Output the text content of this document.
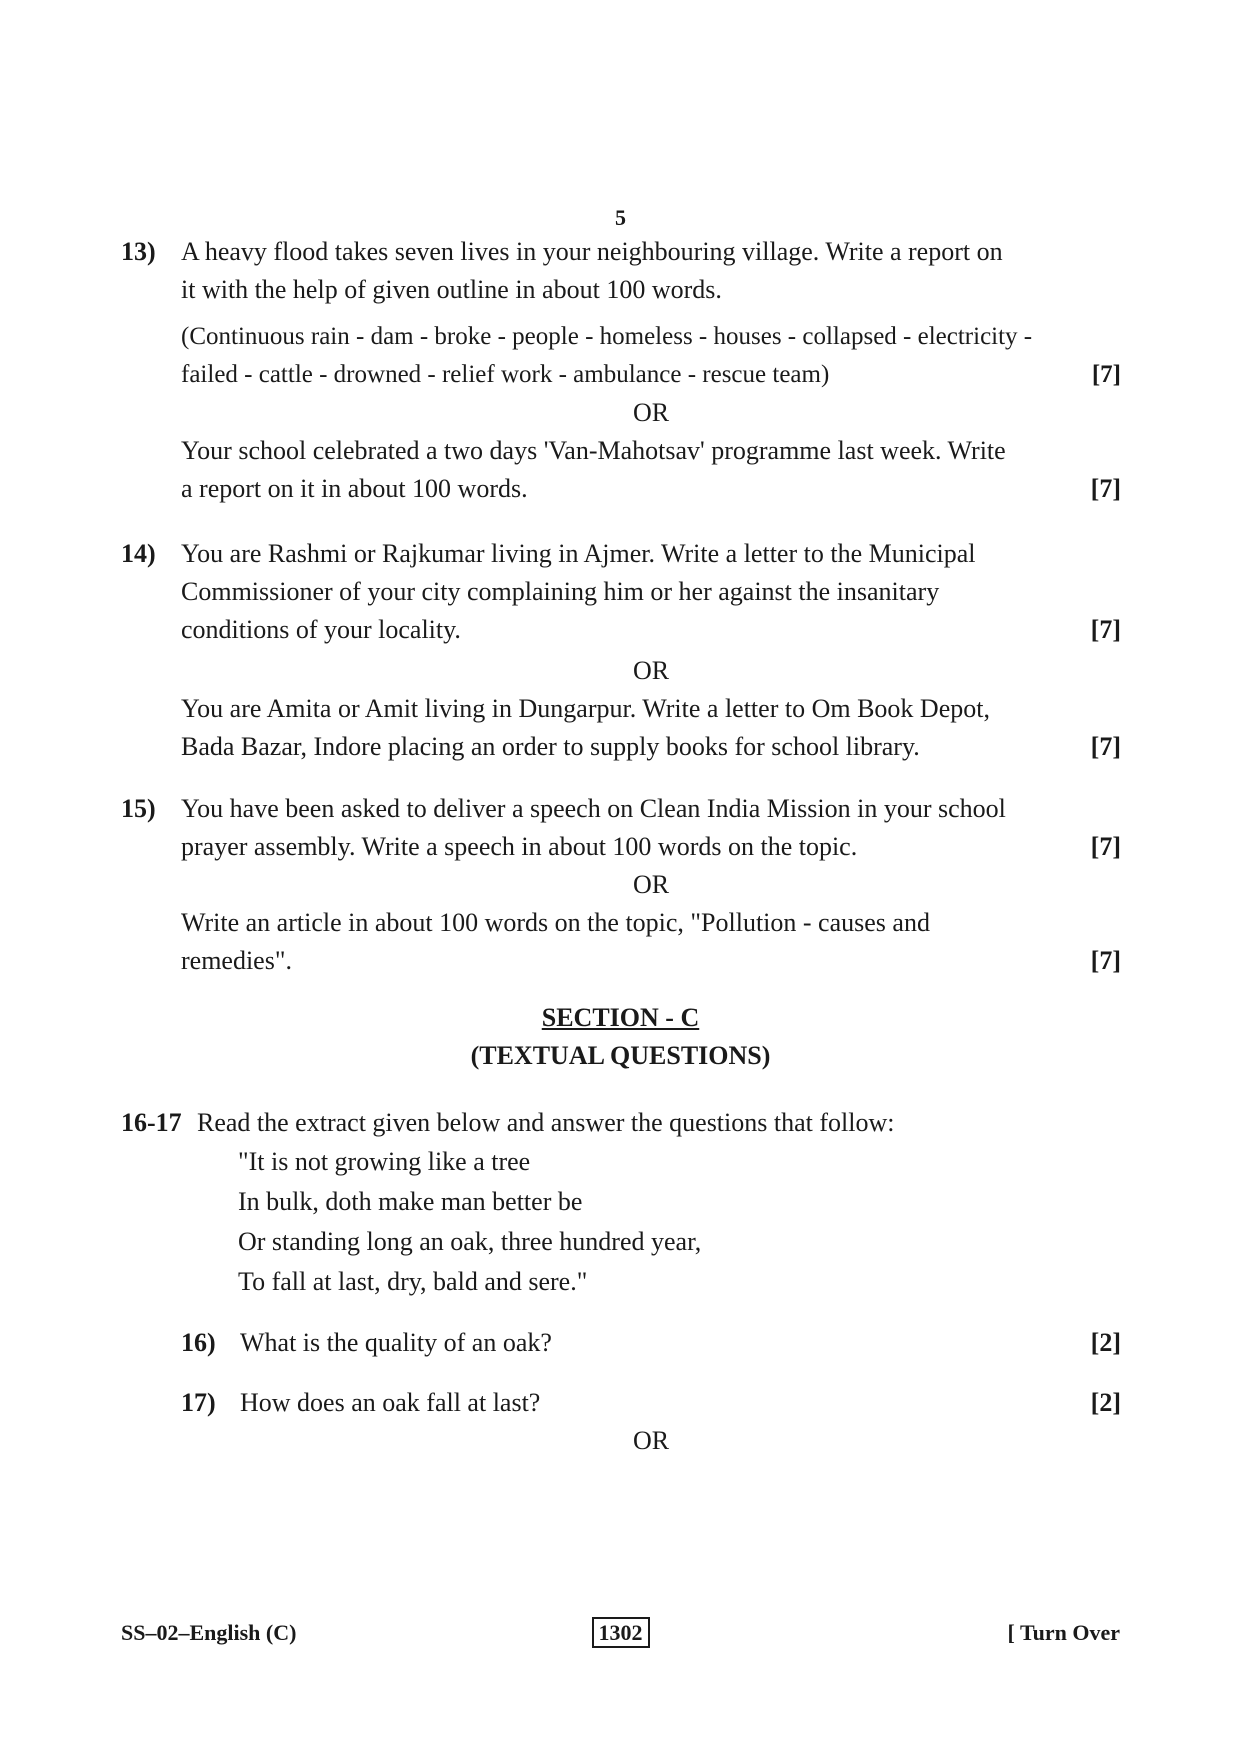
5
13) A heavy flood takes seven lives in your neighbouring village. Write a report on
it with the help of given outline in about 100 words.
(Continuous rain - dam - broke - people - homeless - houses - collapsed - electricity -
failed - cattle - drowned - relief work - ambulance - rescue team)	[7]
OR
Your school celebrated a two days 'Van-Mahotsav' programme last week. Write
a report on it in about 100 words.	[7]
14) You are Rashmi or Rajkumar living in Ajmer. Write a letter to the Municipal
Commissioner of your city complaining him or her against the insanitary
conditions of your locality.	[7]
OR
You are Amita or Amit living in Dungarpur. Write a letter to Om Book Depot,
Bada Bazar, Indore placing an order to supply books for school library.	[7]
15) You have been asked to deliver a speech on Clean India Mission in your school
prayer assembly. Write a speech in about 100 words on the topic.	[7]
OR
Write an article in about 100 words on the topic, "Pollution - causes and
remedies".	[7]
SECTION - C
(TEXTUAL QUESTIONS)
16-17 Read the extract given below and answer the questions that follow:
"It is not growing like a tree
In bulk, doth make man better be
Or standing long an oak, three hundred year,
To fall at last, dry, bald and sere."
16) What is the quality of an oak?	[2]
17) How does an oak fall at last?	[2]
OR
SS–02–English (C)	1302	[ Turn Over
